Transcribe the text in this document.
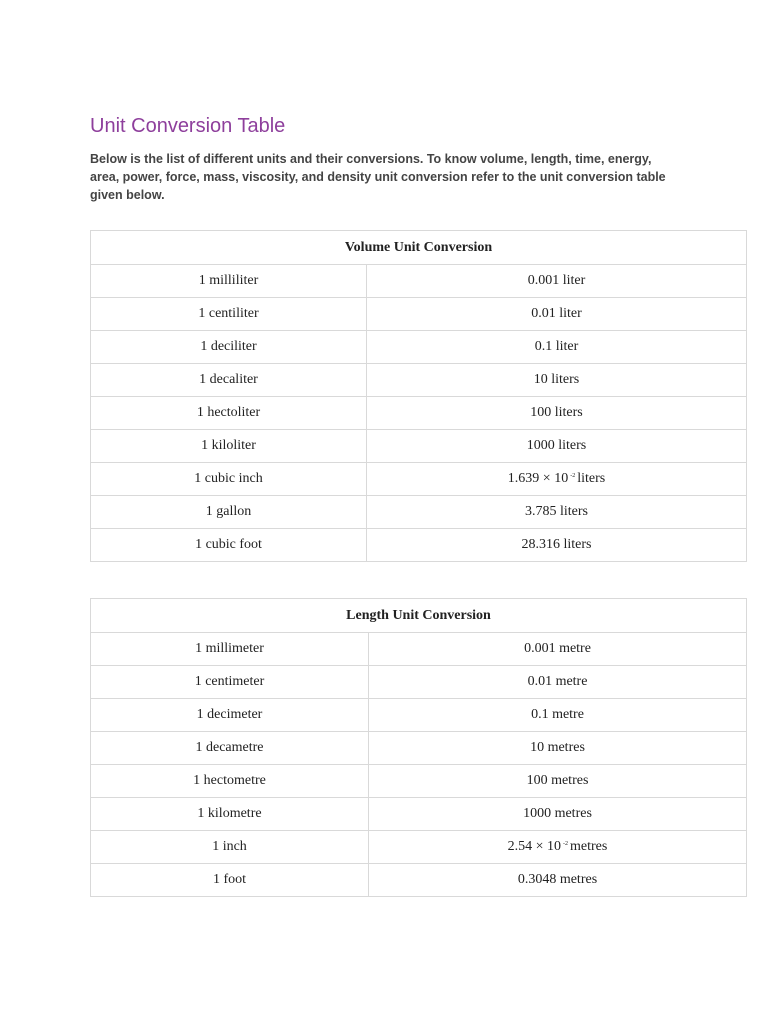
Unit Conversion Table

Below is the list of different units and their conversions. To know volume, length, time, energy, area, power, force, mass, viscosity, and density unit conversion refer to the unit conversion table given below.

Volume Unit Conversion	
1 milliliter	0.001 liter
1 centiliter	0.01 liter
1 deciliter	0.1 liter
1 decaliter	10 liters
1 hectoliter	100 liters
1 kiloliter	1000 liters
1 cubic inch	1.639 × 10 $^{-2}$ liters
1 gallon	3.785 liters
1 cubic foot	28.316 liters
Length Unit Conversion	
1 millimeter	0.001 metre
1 centimeter	0.01 metre
1 decimeter	0.1 metre
1 decametre	10 metres
1 hectometre	100 metres
1 kilometre	1000 metres
1 inch	2.54 × 10 $^{-2}$ metres
1 foot	0.3048 metres
